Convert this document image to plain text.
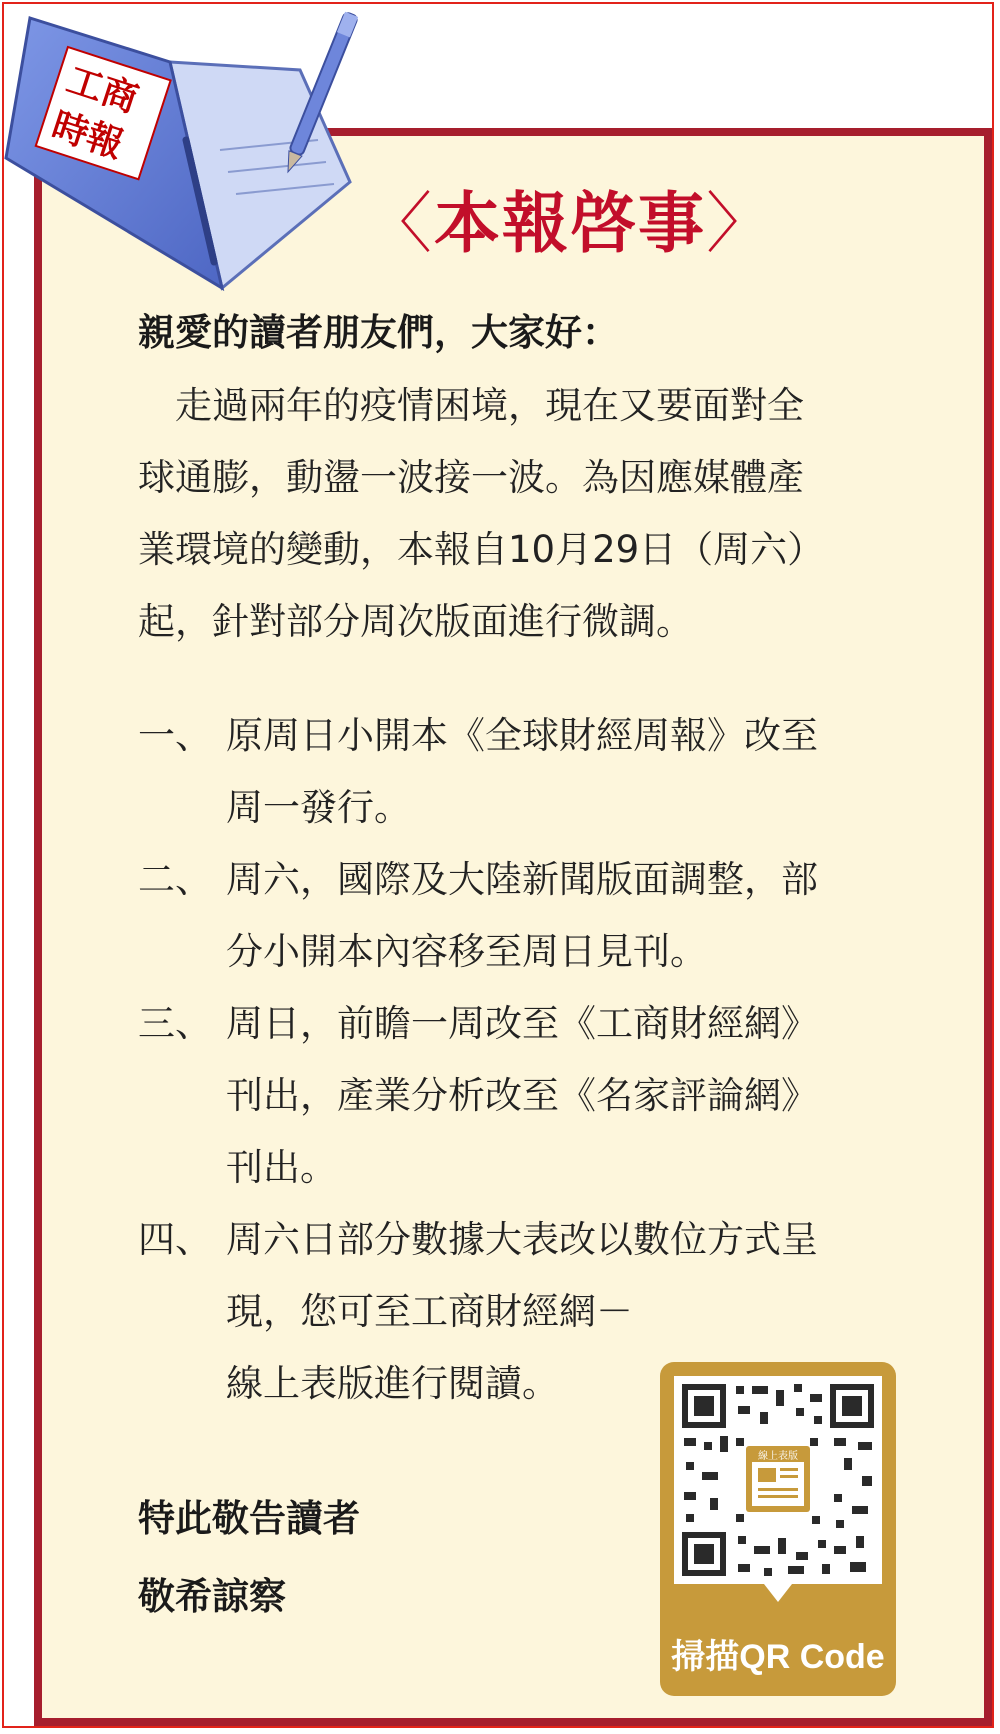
工商
時報
〈本報啓事〉
親愛的讀者朋友們，大家好：
　走過兩年的疫情困境，現在又要面對全
球通膨，動盪一波接一波。為因應媒體產
業環境的變動，本報自10月29日（周六）
起，針對部分周次版面進行微調。
一、 原周日小開本《全球財經周報》改至
周一發行。
二、 周六，國際及大陸新聞版面調整，部
分小開本內容移至周日見刊。
三、 周日，前瞻一周改至《工商財經網》
刊出，產業分析改至《名家評論網》
刊出。
四、 周六日部分數據大表改以數位方式呈
現，您可至工商財經網－
線上表版進行閱讀。
特此敬告讀者
敬希諒察
線上表版
掃描QR Code
